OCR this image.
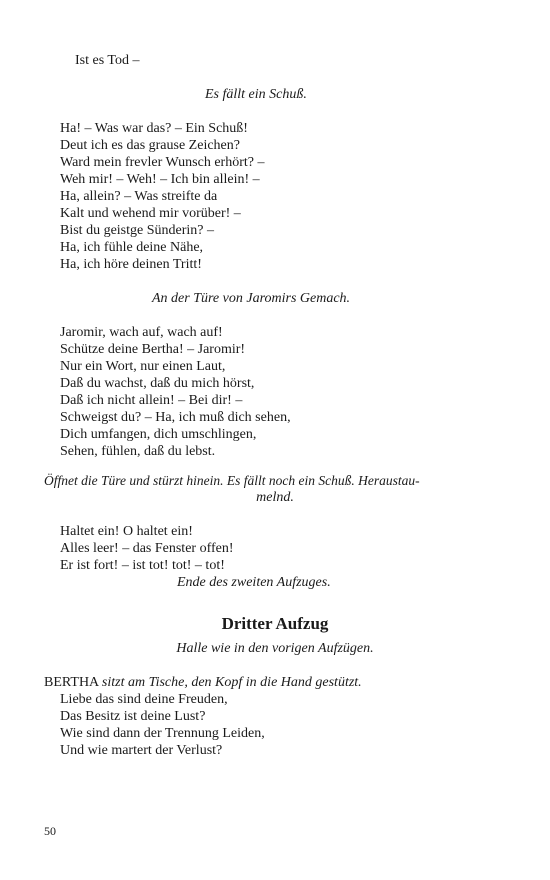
Ist es Tod –
Es fällt ein Schuß.
Ha! – Was war das? – Ein Schuß!
Deut ich es das grause Zeichen?
Ward mein frevler Wunsch erhört? –
Weh mir! – Weh! – Ich bin allein! –
Ha, allein? – Was streifte da
Kalt und wehend mir vorüber! –
Bist du geistge Sünderin? –
Ha, ich fühle deine Nähe,
Ha, ich höre deinen Tritt!
An der Türe von Jaromirs Gemach.
Jaromir, wach auf, wach auf!
Schütze deine Bertha! – Jaromir!
Nur ein Wort, nur einen Laut,
Daß du wachst, daß du mich hörst,
Daß ich nicht allein! – Bei dir! –
Schweigst du? – Ha, ich muß dich sehen,
Dich umfangen, dich umschlingen,
Sehen, fühlen, daß du lebst.
Öffnet die Türe und stürzt hinein. Es fällt noch ein Schuß. Heraustau-
melnd.
Haltet ein! O haltet ein!
Alles leer! – das Fenster offen!
Er ist fort! – ist tot! tot! – tot!
Ende des zweiten Aufzuges.
Dritter Aufzug
Halle wie in den vorigen Aufzügen.
BERTHA sitzt am Tische, den Kopf in die Hand gestützt.
Liebe das sind deine Freuden,
Das Besitz ist deine Lust?
Wie sind dann der Trennung Leiden,
Und wie martert der Verlust?
50
